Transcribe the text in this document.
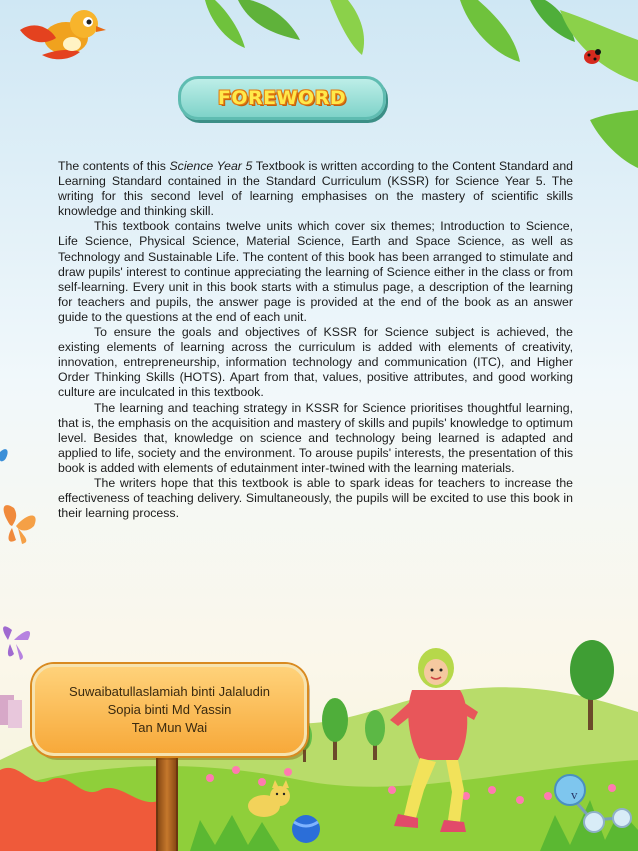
FOREWORD

The contents of this Science Year 5 Textbook is written according to the Content Standard and Learning Standard contained in the Standard Curriculum (KSSR) for Science Year 5. The writing for this second level of learning emphasises on the mastery of scientific skills knowledge and thinking skill.

This textbook contains twelve units which cover six themes; Introduction to Science, Life Science, Physical Science, Material Science, Earth and Space Science, as well as Technology and Sustainable Life. The content of this book has been arranged to stimulate and draw pupils' interest to continue appreciating the learning of Science either in the class or from self-learning. Every unit in this book starts with a stimulus page, a description of the learning for teachers and pupils, the answer page is provided at the end of the book as an answer guide to the questions at the end of each unit.

To ensure the goals and objectives of KSSR for Science subject is achieved, the existing elements of learning across the curriculum is added with elements of creativity, innovation, entrepreneurship, information technology and communication (ITC), and Higher Order Thinking Skills (HOTS). Apart from that, values, positive attributes, and good working culture are inculcated in this textbook.

The learning and teaching strategy in KSSR for Science prioritises thoughtful learning, that is, the emphasis on the acquisition and mastery of skills and pupils' knowledge to optimum level. Besides that, knowledge on science and technology being learned is adapted and applied to life, society and the environment. To arouse pupils' interests, the presentation of this book is added with elements of edutainment inter-twined with the learning materials.

The writers hope that this textbook is able to spark ideas for teachers to increase the effectiveness of teaching delivery. Simultaneously, the pupils will be excited to use this book in their learning process.

Suwaibatullaslamiah binti Jalaludin
Sopia binti Md Yassin
Tan Mun Wai
v
